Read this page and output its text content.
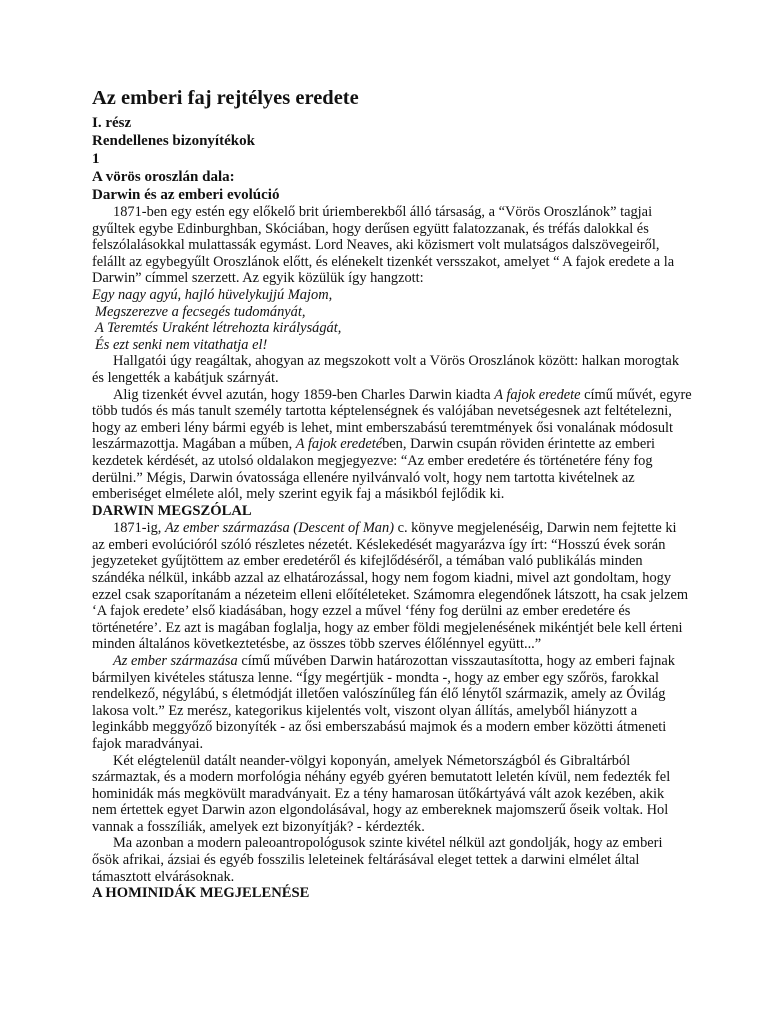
Az emberi faj rejtélyes eredete
I. rész
Rendellenes bizonyítékok
1
A vörös oroszlán dala:
Darwin és az emberi evolúció

1871-ben egy estén egy előkelő brit úriemberekből álló társaság, a “Vörös Oroszlánok” tagjai gyűltek egybe Edinburghban, Skóciában, hogy derűsen együtt falatozzanak, és tréfás dalokkal és felszólalásokkal mulattassák egymást. Lord Neaves, aki közismert volt mulatságos dalszövegeiről, felállt az egybegyűlt Oroszlánok előtt, és elénekelt tizenkét versszakot, amelyet “ A fajok eredete a la Darwin” címmel szerzett. Az egyik közülük így hangzott:

Egy nagy agyú, hajló hüvelykujjú Majom,
Megszerezve a fecsegés tudományát,
A Teremtés Uraként létrehozta királyságát,
És ezt senki nem vitathatja el!

Hallgatói úgy reagáltak, ahogyan az megszokott volt a Vörös Oroszlánok között: halkan morogtak és lengették a kabátjuk szárnyát.

Alig tizenkét évvel azután, hogy 1859-ben Charles Darwin kiadta A fajok eredete című művét, egyre több tudós és más tanult személy tartotta képtelenségnek és valójában nevetségesnek azt feltételezni, hogy az emberi lény bármi egyéb is lehet, mint emberszabású teremtmények ősi vonalának módosult leszármazottja. Magában a műben, A fajok eredetében, Darwin csupán röviden érintette az emberi kezdetek kérdését, az utolsó oldalakon megjegyezve: “Az ember eredetére és történetére fény fog derülni.” Mégis, Darwin óvatossága ellenére nyilvánvaló volt, hogy nem tartotta kivételnek az emberiséget elmélete alól, mely szerint egyik faj a másikból fejlődik ki.

DARWIN MEGSZÓLAL

1871-ig, Az ember származása (Descent of Man) c. könyve megjelenéséig, Darwin nem fejtette ki az emberi evolúcióról szóló részletes nézetét. Késlekedését magyarázva így írt: “Hosszú évek során jegyzeteket gyűjtöttem az ember eredetéről és kifejlődéséről, a témában való publikálás minden szándéka nélkül, inkább azzal az elhatározással, hogy nem fogom kiadni, mivel azt gondoltam, hogy ezzel csak szaporítanám a nézeteim elleni előítéleteket. Számomra elegendőnek látszott, ha csak jelzem ‘A fajok eredete’ első kiadásában, hogy ezzel a művel ‘fény fog derülni az ember eredetére és történetére’. Ez azt is magában foglalja, hogy az ember földi megjelenésének mikéntjét bele kell érteni minden általános következtetésbe, az összes több szerves élőlénnyel együtt...”

Az ember származása című művében Darwin határozottan visszautasította, hogy az emberi fajnak bármilyen kivételes státusza lenne. “Így megértjük - mondta -, hogy az ember egy szőrös, farokkal rendelkező, négylábú, s életmódját illetően valószínűleg fán élő lénytől származik, amely az Óvilág lakosa volt.” Ez merész, kategorikus kijelentés volt, viszont olyan állítás, amelyből hiányzott a leginkább meggyőző bizonyíték - az ősi emberszabású majmok és a modern ember közötti átmeneti fajok maradványai.

Két elégtelenül datált neander-völgyi koponyán, amelyek Németországból és Gibraltárból származtak, és a modern morfológia néhány egyéb gyéren bemutatott leletén kívül, nem fedezték fel hominidák más megkövült maradványait. Ez a tény hamarosan ütőkártyává vált azok kezében, akik nem értettek egyet Darwin azon elgondolásával, hogy az embereknek majomszerű őseik voltak. Hol vannak a fosszíliák, amelyek ezt bizonyítják? - kérdezték.

Ma azonban a modern paleoantropológusok szinte kivétel nélkül azt gondolják, hogy az emberi ősök afrikai, ázsiai és egyéb fosszilis leleteinek feltárásával eleget tettek a darwini elmélet által támasztott elvárásoknak.

A HOMINIDÁK MEGJELENÉSE
